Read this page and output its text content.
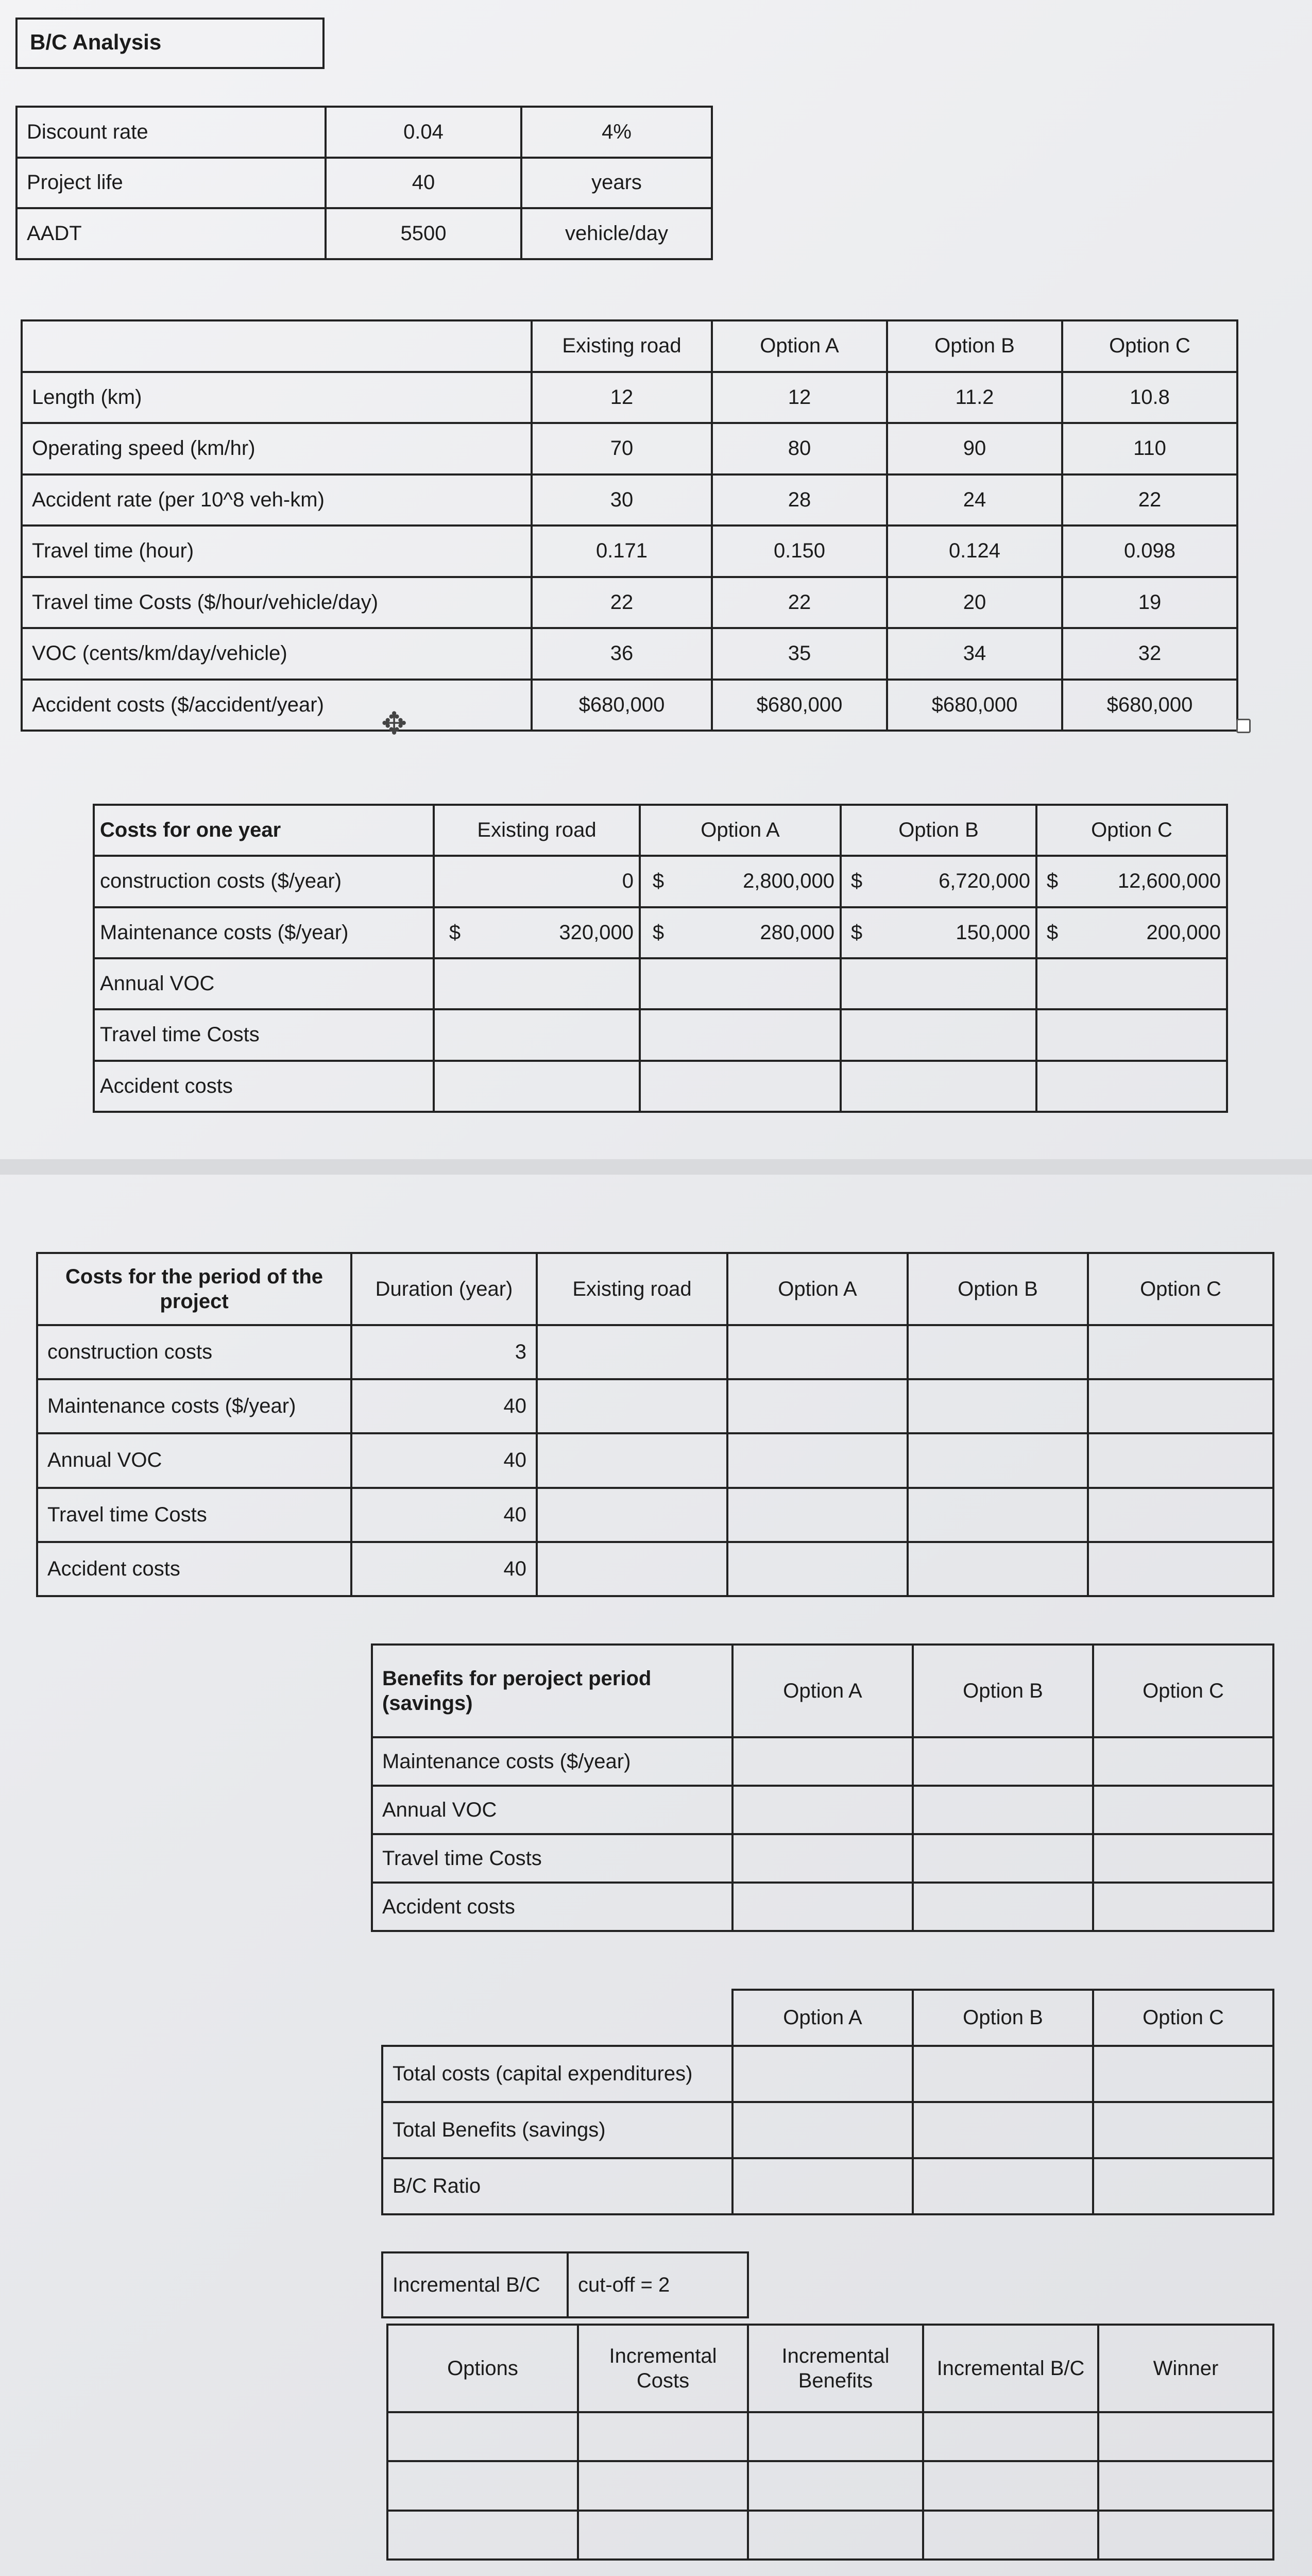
B/C Analysis
Discount rate	0.04	4%
Project life	40	years
AADT	5500	vehicle/day
	Existing road	Option A	Option B	Option C
Length (km)	12	12	11.2	10.8
Operating speed (km/hr)	70	80	90	110
Accident rate (per 10^8 veh-km)	30	28	24	22
Travel time (hour)	0.171	0.150	0.124	0.098
Travel time Costs ($/hour/vehicle/day)	22	22	20	19
VOC (cents/km/day/vehicle)	36	35	34	32
Accident costs ($/accident/year)	$680,000	$680,000	$680,000	$680,000
✥
Costs for one year	Existing road		Option A		Option B		Option C	
construction costs ($/year)		0	$	2,800,000	$	6,720,000	$	12,600,000
Maintenance costs ($/year)	$	320,000	$	280,000	$	150,000	$	200,000
Annual VOC								
Travel time Costs								
Accident costs								
Costs for the period of the project	Duration (year)	Existing road	Option A	Option B	Option C
construction costs	3				
Maintenance costs ($/year)	40				
Annual VOC	40				
Travel time Costs	40				
Accident costs	40				
Benefits for peroject period (savings)	Option A	Option B	Option C
Maintenance costs ($/year)			
Annual VOC			
Travel time Costs			
Accident costs			
	Option A	Option B	Option C
Total costs (capital expenditures)			
Total Benefits (savings)			
B/C Ratio			
Incremental B/C	cut-off = 2
Options	Incremental Costs	Incremental Benefits	Incremental B/C	Winner
